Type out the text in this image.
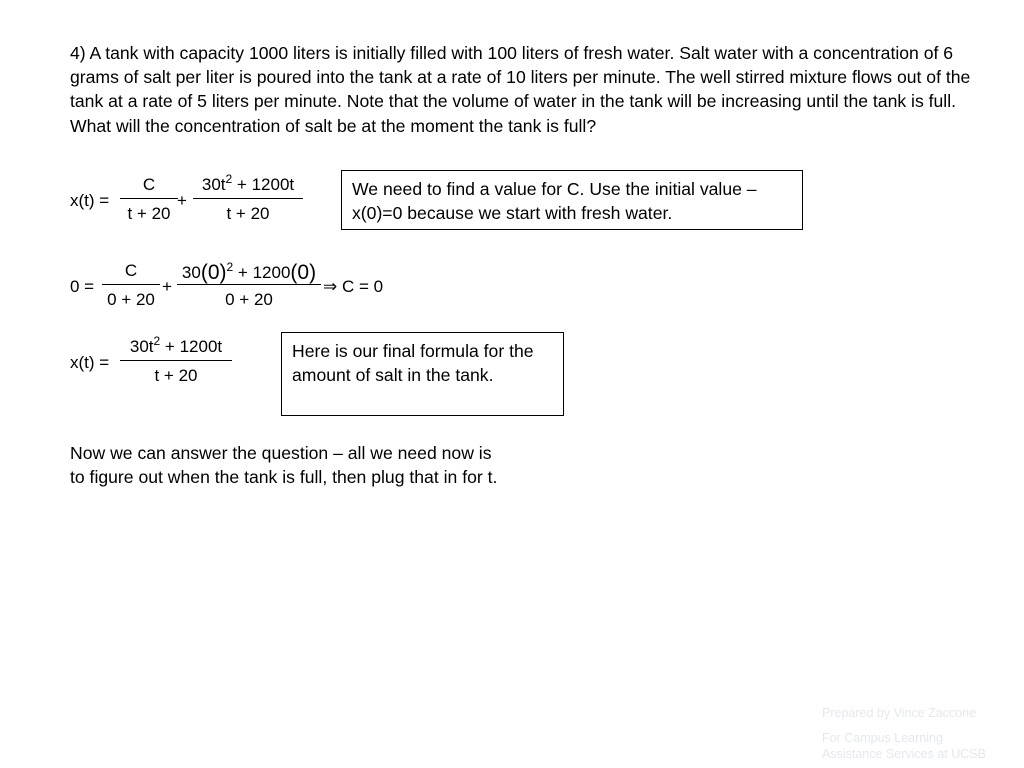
4) A tank with capacity 1000 liters is initially filled with 100 liters of fresh water. Salt water with a concentration of 6 grams of salt per liter is poured into the tank at a rate of 10 liters per minute. The well stirred mixture flows out of the tank at a rate of 5 liters per minute. Note that the volume of water in the tank will be increasing until the tank is full. What will the concentration of salt be at the moment the tank is full?
x(t) =
C
t + 20
+
$30t^2 + 1200t$
t + 20
We need to find a value for C. Use the initial value – x(0)=0 because we start with fresh water.
0 =
C
0 + 20
+
$30(0)^2 + 1200(0)$
0 + 20
⇒ C = 0
x(t) =
$30t^2 + 1200t$
t + 20
Here is our final formula for the amount of salt in the tank.
Now we can answer the question – all we need now is
to figure out when the tank is full, then plug that in for t.
Prepared by Vince Zaccone
For Campus Learning
Assistance Services at UCSB
